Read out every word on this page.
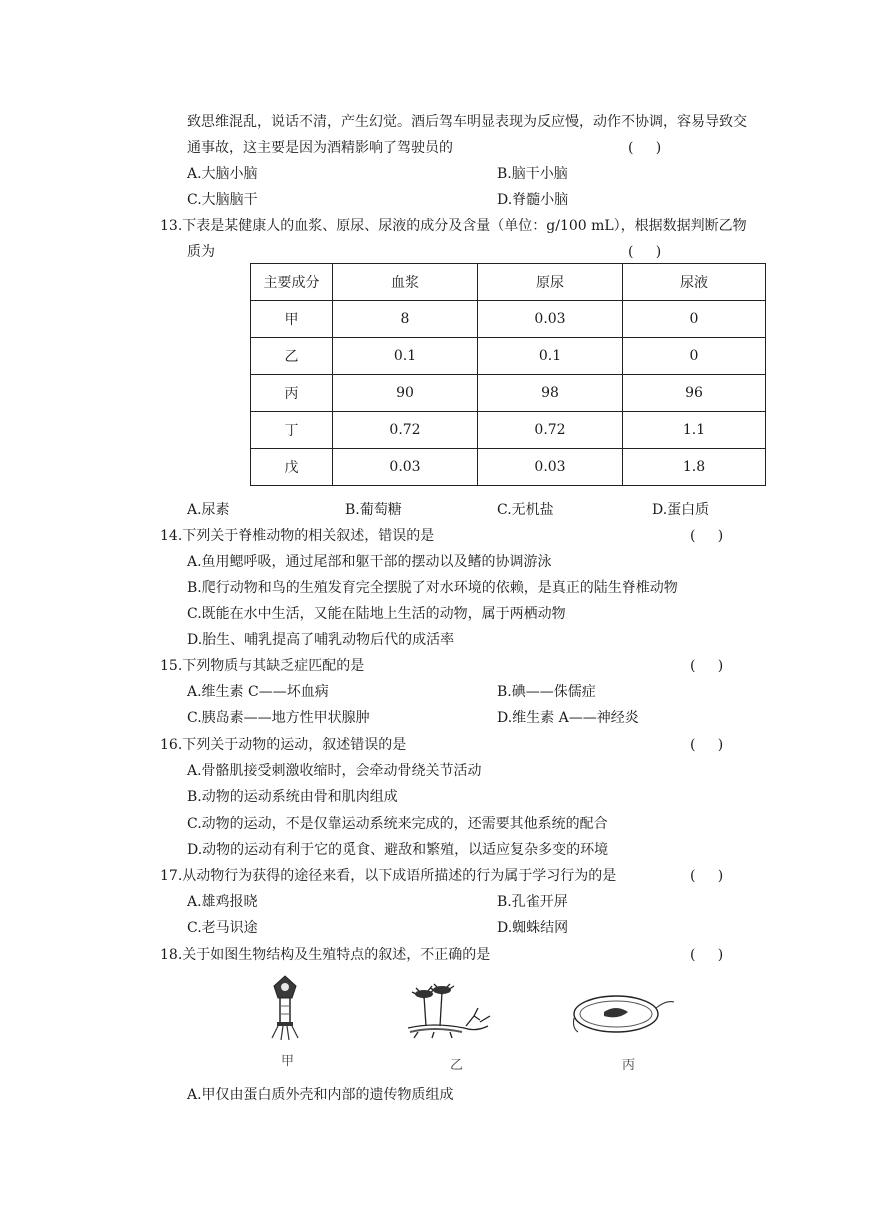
致思维混乱，说话不清，产生幻觉。酒后驾车明显表现为反应慢，动作不协调，容易导致交
通事故，这主要是因为酒精影响了驾驶员的	(     )
A.大脑小脑	B.脑干小脑
C.大脑脑干	D.脊髓小脑
13.下表是某健康人的血浆、原尿、尿液的成分及含量（单位：g/100 mL），根据数据判断乙物
质为	(     )
主要成分	血浆	原尿	尿液
甲	8	0.03	0
乙	0.1	0.1	0
丙	90	98	96
丁	0.72	0.72	1.1
戊	0.03	0.03	1.8
A.尿素	B.葡萄糖	C.无机盐	D.蛋白质
14.下列关于脊椎动物的相关叙述，错误的是	(     )
A.鱼用鳃呼吸，通过尾部和躯干部的摆动以及鳍的协调游泳
B.爬行动物和鸟的生殖发育完全摆脱了对水环境的依赖，是真正的陆生脊椎动物
C.既能在水中生活，又能在陆地上生活的动物，属于两栖动物
D.胎生、哺乳提高了哺乳动物后代的成活率
15.下列物质与其缺乏症匹配的是	(     )
A.维生素 C——坏血病	B.碘——侏儒症
C.胰岛素——地方性甲状腺肿	D.维生素 A——神经炎
16.下列关于动物的运动，叙述错误的是	(     )
A.骨骼肌接受刺激收缩时，会牵动骨绕关节活动
B.动物的运动系统由骨和肌肉组成
C.动物的运动，不是仅靠运动系统来完成的，还需要其他系统的配合
D.动物的运动有利于它的觅食、避敌和繁殖，以适应复杂多变的环境
17.从动物行为获得的途径来看，以下成语所描述的行为属于学习行为的是	(     )
A.雄鸡报晓	B.孔雀开屏
C.老马识途	D.蜘蛛结网
18.关于如图生物结构及生殖特点的叙述，不正确的是	(     )
甲	乙	丙
A.甲仅由蛋白质外壳和内部的遗传物质组成
